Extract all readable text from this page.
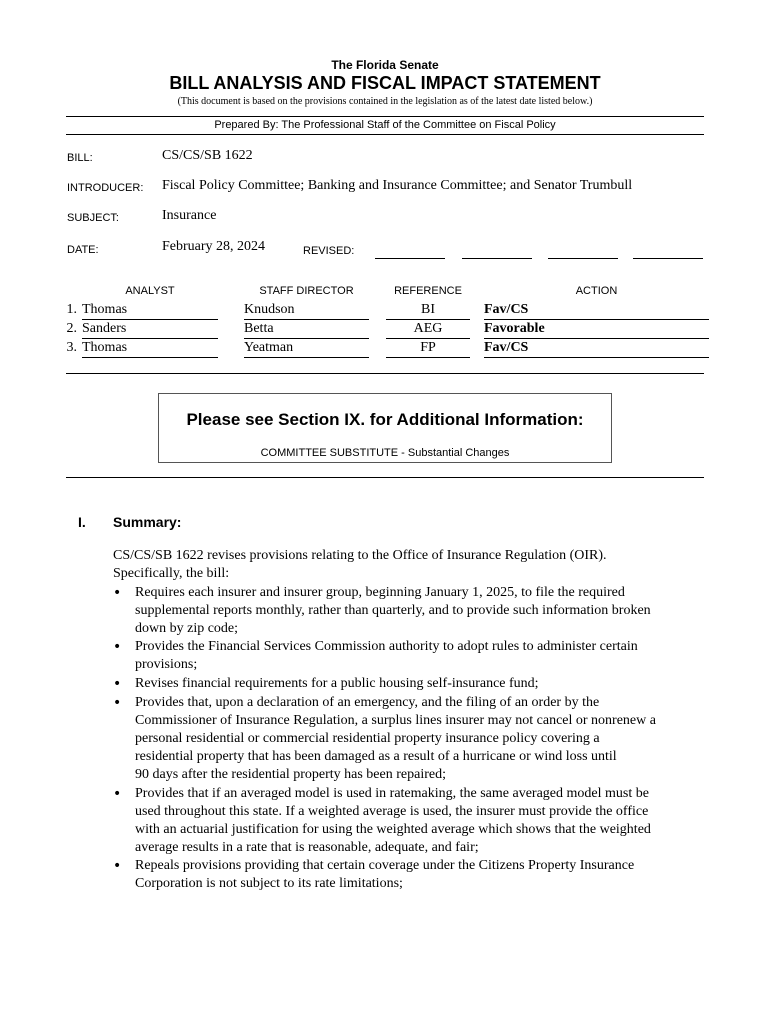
The Florida Senate
BILL ANALYSIS AND FISCAL IMPACT STATEMENT
(This document is based on the provisions contained in the legislation as of the latest date listed below.)
Prepared By: The Professional Staff of the Committee on Fiscal Policy
BILL:	CS/CS/SB 1622
INTRODUCER: Fiscal Policy Committee; Banking and Insurance Committee; and Senator Trumbull
SUBJECT:	Insurance
DATE:	February 28, 2024	REVISED:
ANALYST	STAFF DIRECTOR	REFERENCE	ACTION
1. Thomas	Knudson	BI	Fav/CS
2. Sanders	Betta	AEG	Favorable
3. Thomas	Yeatman	FP	Fav/CS
Please see Section IX. for Additional Information:
COMMITTEE SUBSTITUTE - Substantial Changes
I. Summary:
CS/CS/SB 1622 revises provisions relating to the Office of Insurance Regulation (OIR).
Specifically, the bill:
• Requires each insurer and insurer group, beginning January 1, 2025, to file the required
supplemental reports monthly, rather than quarterly, and to provide such information broken
down by zip code;
• Provides the Financial Services Commission authority to adopt rules to administer certain
provisions;
• Revises financial requirements for a public housing self-insurance fund;
• Provides that, upon a declaration of an emergency, and the filing of an order by the
Commissioner of Insurance Regulation, a surplus lines insurer may not cancel or nonrenew a
personal residential or commercial residential property insurance policy covering a
residential property that has been damaged as a result of a hurricane or wind loss until
90 days after the residential property has been repaired;
• Provides that if an averaged model is used in ratemaking, the same averaged model must be
used throughout this state. If a weighted average is used, the insurer must provide the office
with an actuarial justification for using the weighted average which shows that the weighted
average results in a rate that is reasonable, adequate, and fair;
• Repeals provisions providing that certain coverage under the Citizens Property Insurance
Corporation is not subject to its rate limitations;
